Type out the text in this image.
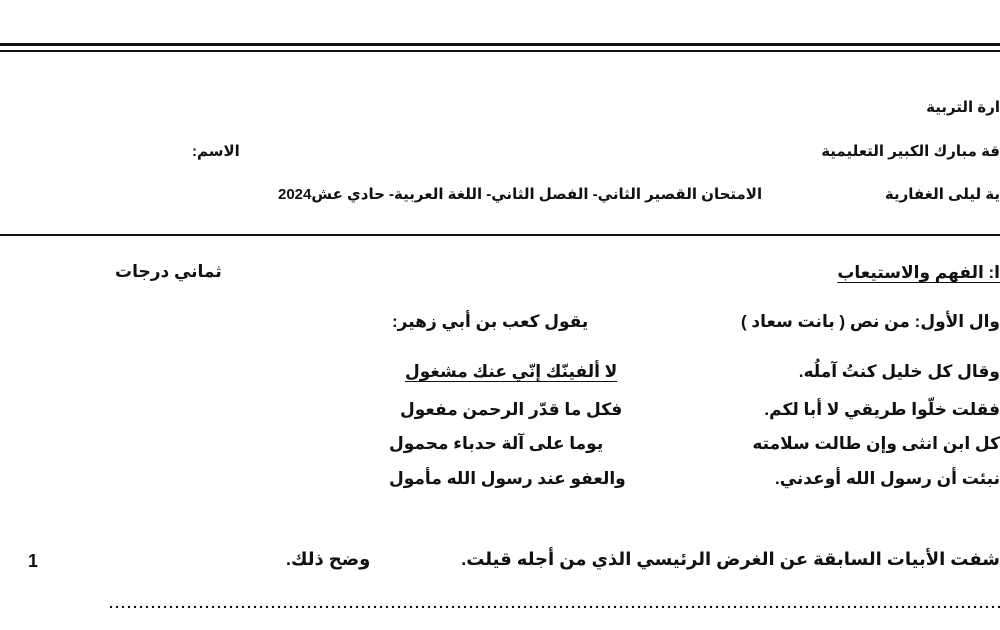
ارة التربية
قة مبارك الكبير التعليمية
الاسم:
ية ليلى الغفارية
الامتحان القصير الثاني- الفصل الثاني- اللغة العربية- حادي عش2024
ا: الفهم والاستيعاب
ثماني درجات
وال الأول: من نص ( بانت سعاد )
يقول كعب بن أبي زهير:
وقال كل خليل كنتُ آملُه.
لا ألفينّك إنّي عنك مشغول
فقلت خلّوا طريقي لا أبا لكم.
فكل ما قدّر الرحمن مفعول
كل ابن انثى وإن طالت سلامته
يوما على آلة حدباء محمول
نبئت أن رسول الله أوعدني.
والعفو عند رسول الله مأمول
شفت الأبيات السابقة عن الغرض الرئيسي الذي من أجله قيلت.
وضح ذلك.
1
